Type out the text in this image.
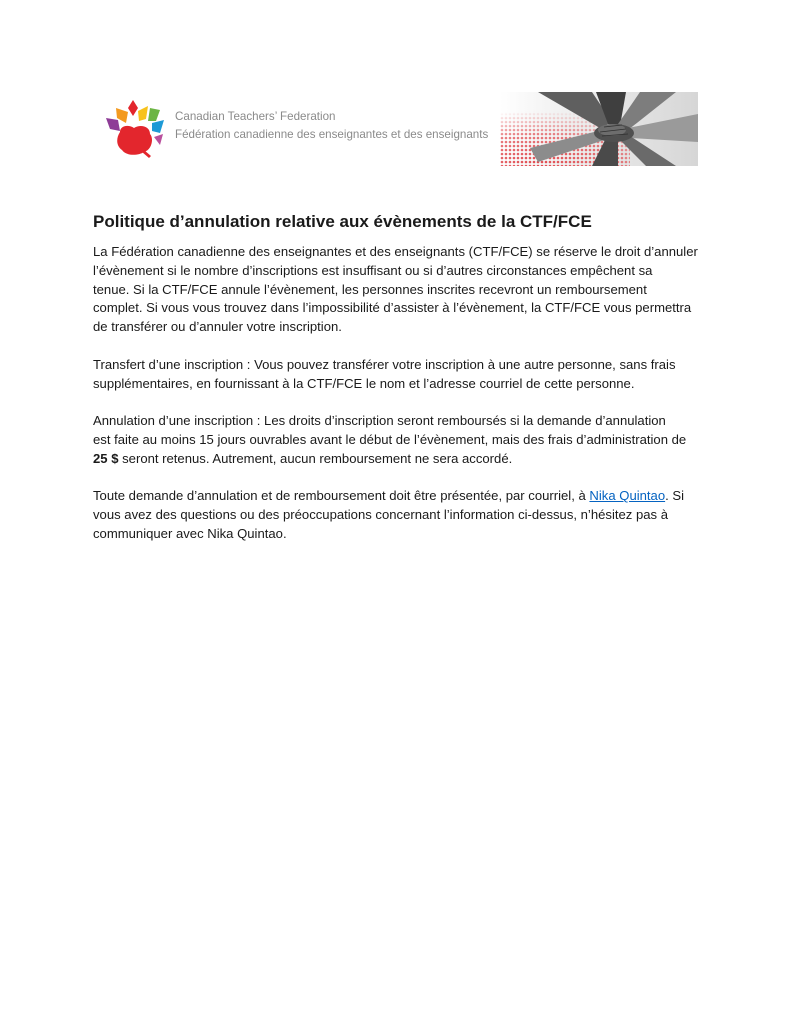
Canadian Teachers’ Federation
Fédération canadienne des enseignantes et des enseignants
Politique d’annulation relative aux évènements de la CTF/FCE
La Fédération canadienne des enseignantes et des enseignants (CTF/FCE) se réserve le droit d’annuler
l’évènement si le nombre d’inscriptions est insuffisant ou si d’autres circonstances empêchent sa
tenue. Si la CTF/FCE annule l’évènement, les personnes inscrites recevront un remboursement
complet. Si vous vous trouvez dans l’impossibilité d’assister à l’évènement, la CTF/FCE vous permettra
de transférer ou d’annuler votre inscription.
Transfert d’une inscription : Vous pouvez transférer votre inscription à une autre personne, sans frais
supplémentaires, en fournissant à la CTF/FCE le nom et l’adresse courriel de cette personne.
Annulation d’une inscription : Les droits d’inscription seront remboursés si la demande d’annulation
est faite au moins 15 jours ouvrables avant le début de l’évènement, mais des frais d’administration de
25 $ seront retenus. Autrement, aucun remboursement ne sera accordé.
Toute demande d’annulation et de remboursement doit être présentée, par courriel, à Nika Quintao. Si
vous avez des questions ou des préoccupations concernant l’information ci-dessus, n’hésitez pas à
communiquer avec Nika Quintao.
